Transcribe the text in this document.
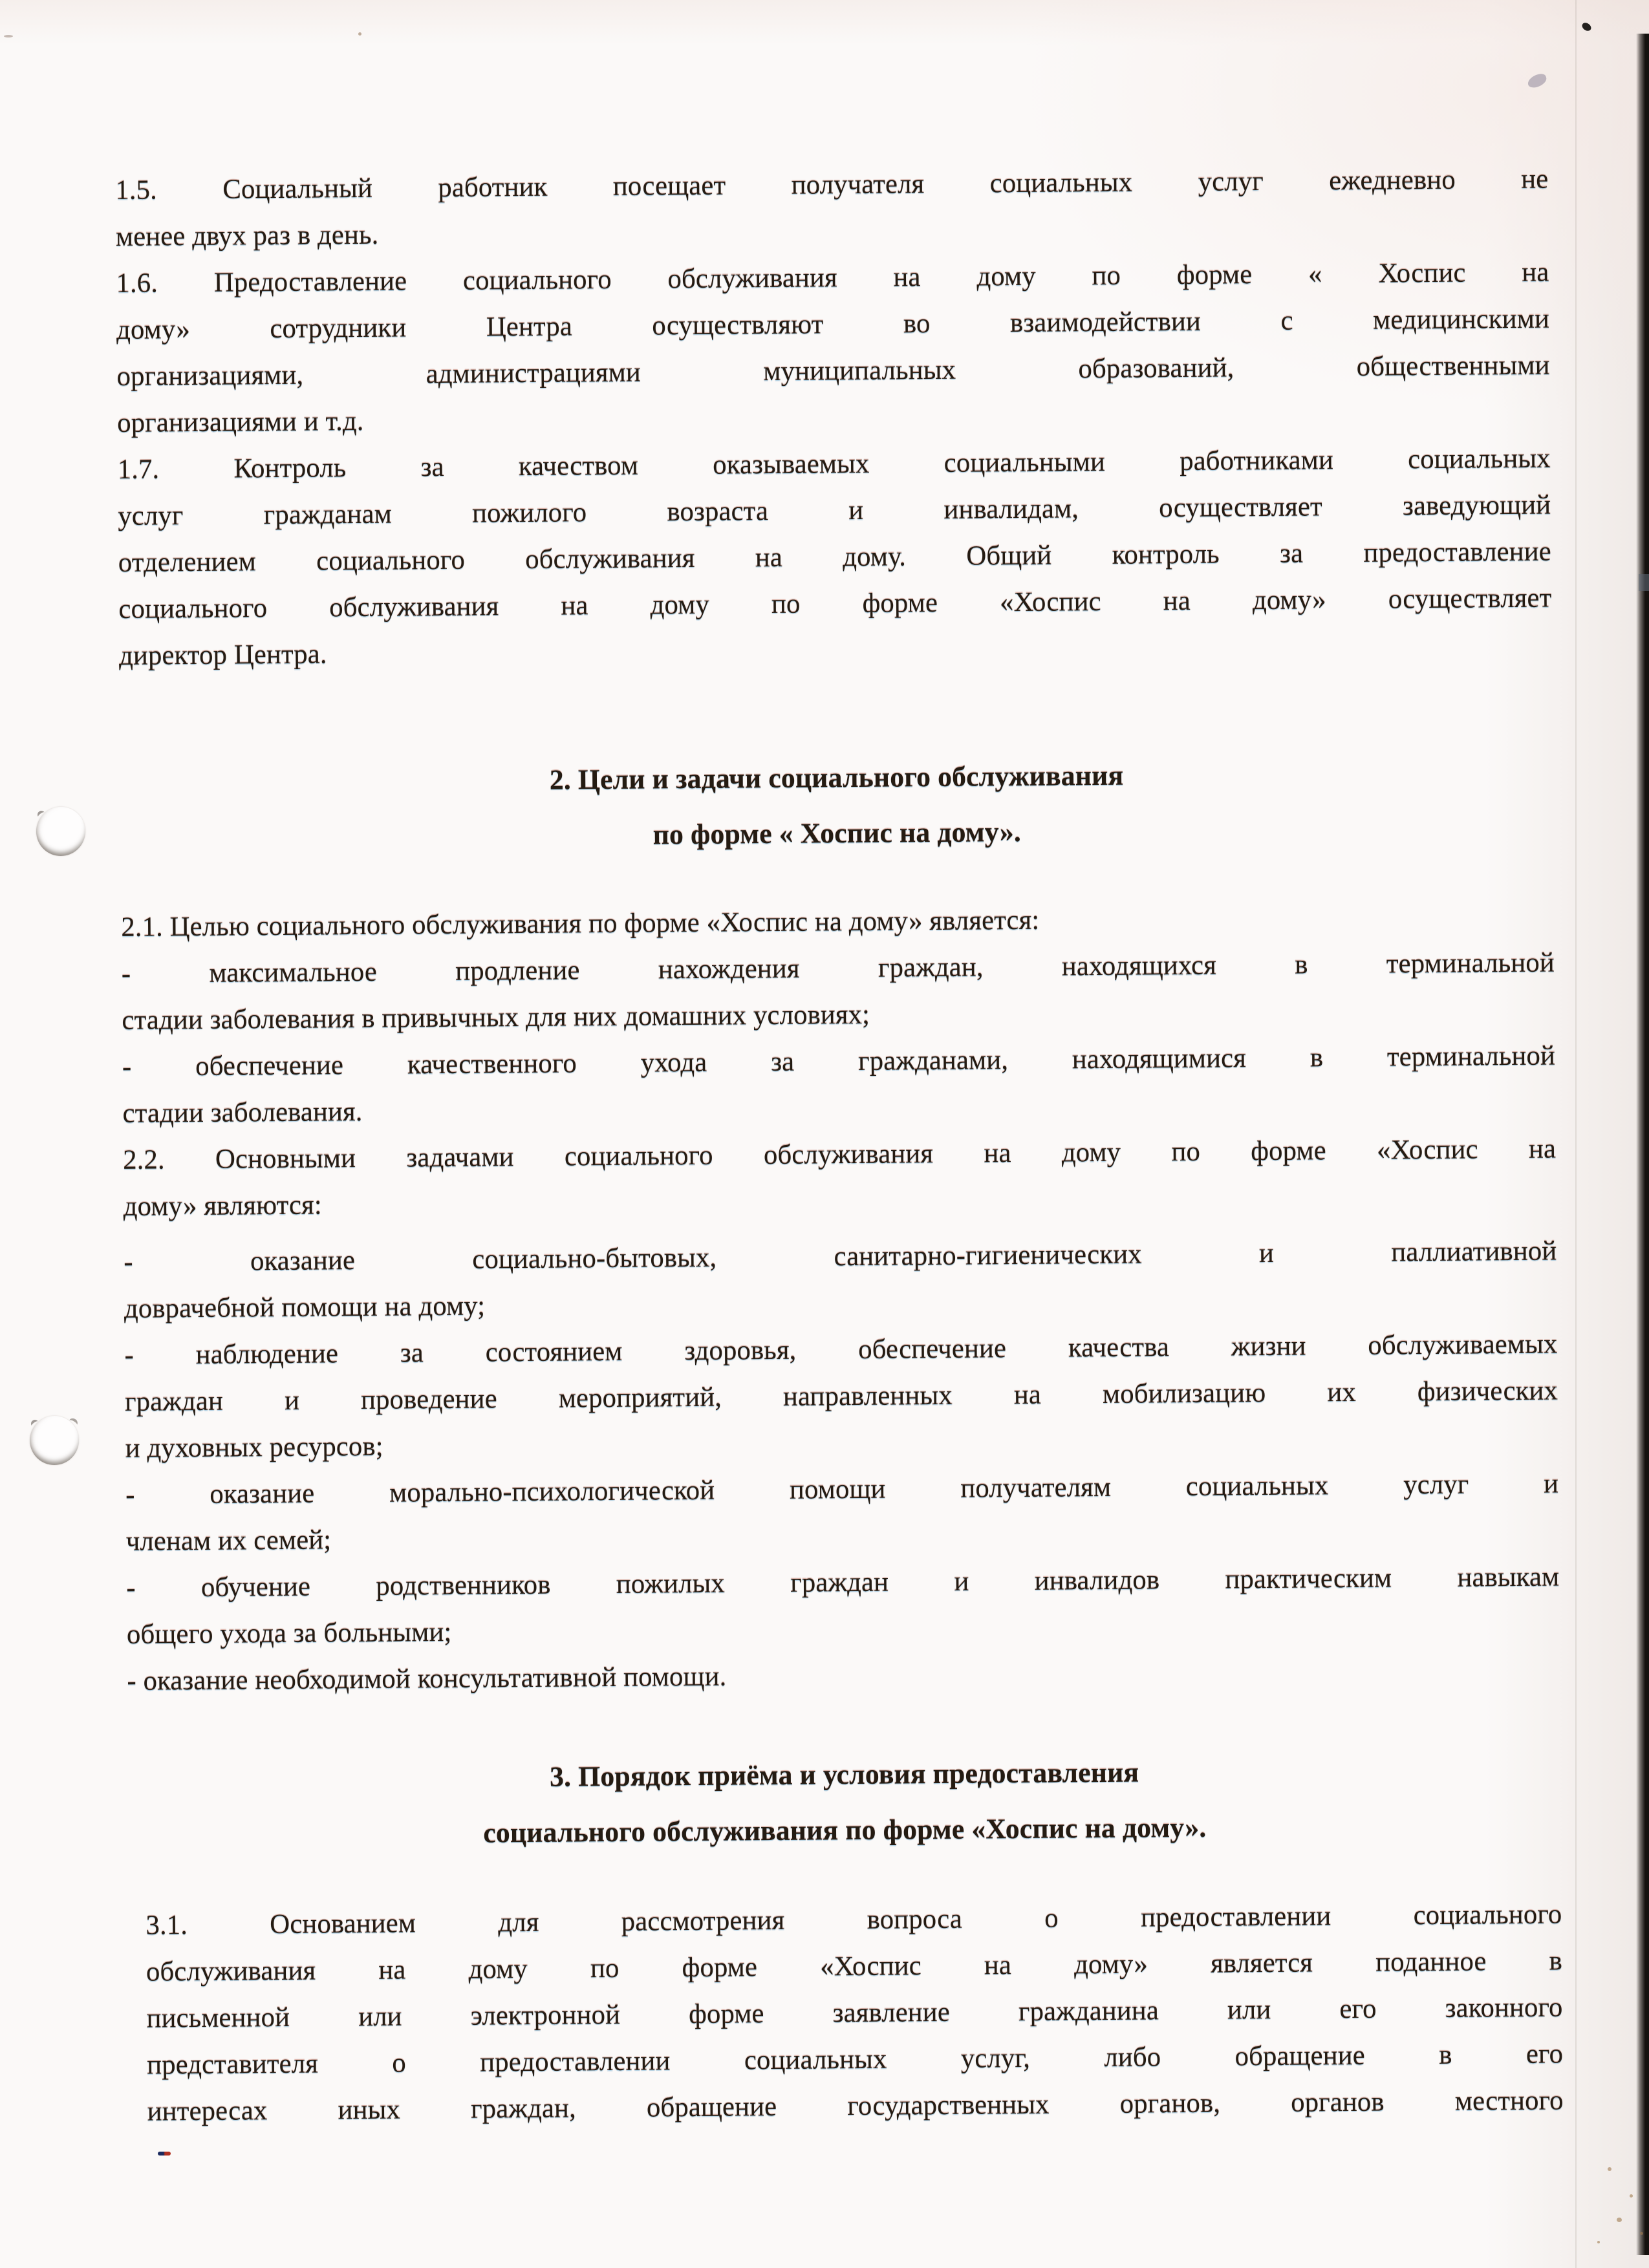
1.5. Социальный работник посещает получателя социальных услуг ежедневно не
менее двух раз в день.

1.6. Предоставление социального обслуживания на дому по форме « Хоспис на
дому» сотрудники Центра осуществляют во взаимодействии с медицинскими
организациями, администрациями муниципальных образований, общественными
организациями и т.д.

1.7. Контроль за качеством оказываемых социальными работниками социальных
услуг гражданам пожилого возраста и инвалидам, осуществляет заведующий
отделением социального обслуживания на дому. Общий контроль за предоставление
социального обслуживания на дому по форме «Хоспис на дому» осуществляет
директор Центра.

2. Цели и задачи социального обслуживания
по форме « Хоспис на дому».

2.1. Целью социального обслуживания по форме «Хоспис на дому» является:

- максимальное продление нахождения граждан, находящихся в терминальной
стадии заболевания в привычных для них домашних условиях;

- обеспечение качественного ухода за гражданами, находящимися в терминальной
стадии заболевания.

2.2. Основными задачами социального обслуживания на дому по форме «Хоспис на
дому» являются:

- оказание социально-бытовых, санитарно-гигиенических и паллиативной
доврачебной помощи на дому;

- наблюдение за состоянием здоровья, обеспечение качества жизни обслуживаемых
граждан и проведение мероприятий, направленных на мобилизацию их физических
и духовных ресурсов;

- оказание морально-психологической помощи получателям социальных услуг и
членам их семей;

- обучение родственников пожилых граждан и инвалидов практическим навыкам
общего ухода за больными;

- оказание необходимой консультативной помощи.

3. Порядок приёма и условия предоставления
социального обслуживания по форме «Хоспис на дому».

3.1. Основанием для рассмотрения вопроса о предоставлении социального
обслуживания на дому по форме «Хоспис на дому» является поданное в
письменной или электронной форме заявление гражданина или его законного
представителя о предоставлении социальных услуг, либо обращение в его
интересах иных граждан, обращение государственных органов, органов местного
